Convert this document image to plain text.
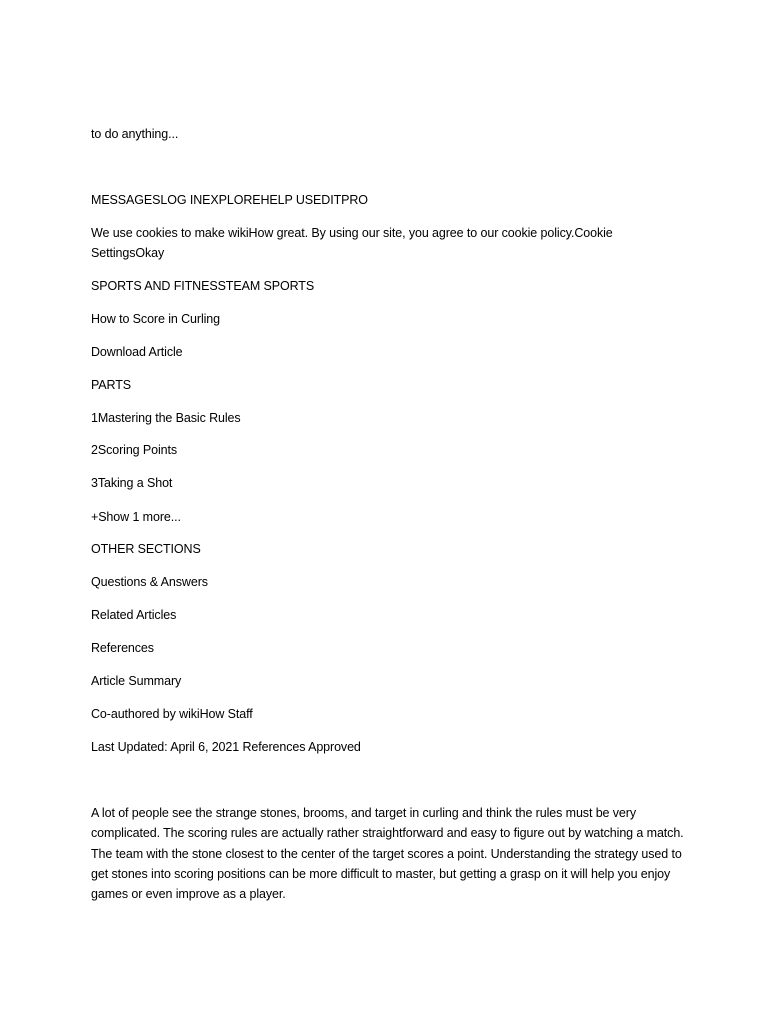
to do anything...
MESSAGESLOG INEXPLOREHELP USEDITPRO
We use cookies to make wikiHow great. By using our site, you agree to our cookie policy.Cookie SettingsOkay
SPORTS AND FITNESSTEAM SPORTS
How to Score in Curling
Download Article
PARTS
1Mastering the Basic Rules
2Scoring Points
3Taking a Shot
+Show 1 more...
OTHER SECTIONS
Questions & Answers
Related Articles
References
Article Summary
Co-authored by wikiHow Staff
Last Updated: April 6, 2021 References Approved
A lot of people see the strange stones, brooms, and target in curling and think the rules must be very complicated. The scoring rules are actually rather straightforward and easy to figure out by watching a match. The team with the stone closest to the center of the target scores a point. Understanding the strategy used to get stones into scoring positions can be more difficult to master, but getting a grasp on it will help you enjoy games or even improve as a player.
